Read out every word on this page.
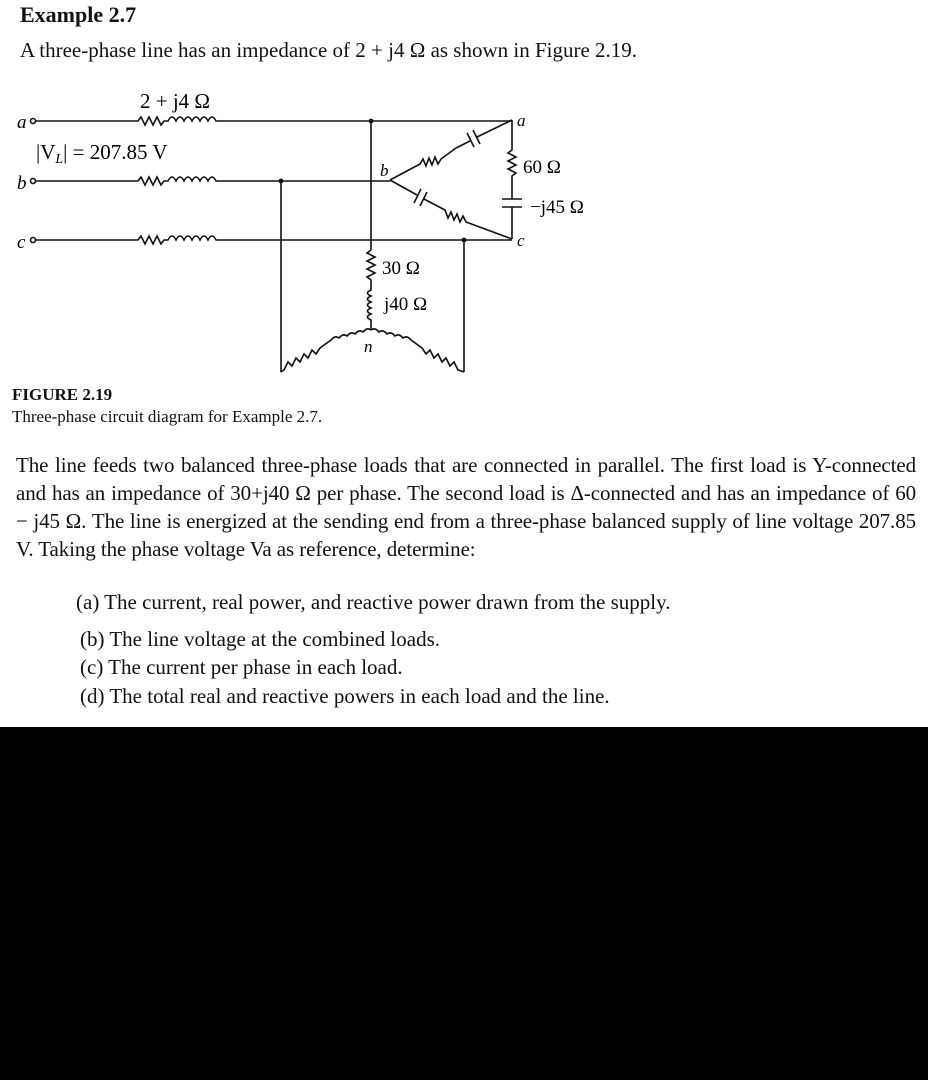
Example 2.7
A three-phase line has an impedance of 2 + j4 Ω as shown in Figure 2.19.
2 + j4 Ω
|VL| = 207.85 V
a
b
c
a
b
c
60 Ω
−j45 Ω
30 Ω
j40 Ω
n
FIGURE 2.19
Three-phase circuit diagram for Example 2.7.
The line feeds two balanced three-phase loads that are connected in parallel. The first load is Y-connected and has an impedance of 30+j40 Ω per phase. The second load is Δ-connected and has an impedance of 60 − j45 Ω. The line is energized at the sending end from a three-phase balanced supply of line voltage 207.85 V. Taking the phase voltage Va as reference, determine:
(a) The current, real power, and reactive power drawn from the supply.
(b) The line voltage at the combined loads.
(c) The current per phase in each load.
(d) The total real and reactive powers in each load and the line.
